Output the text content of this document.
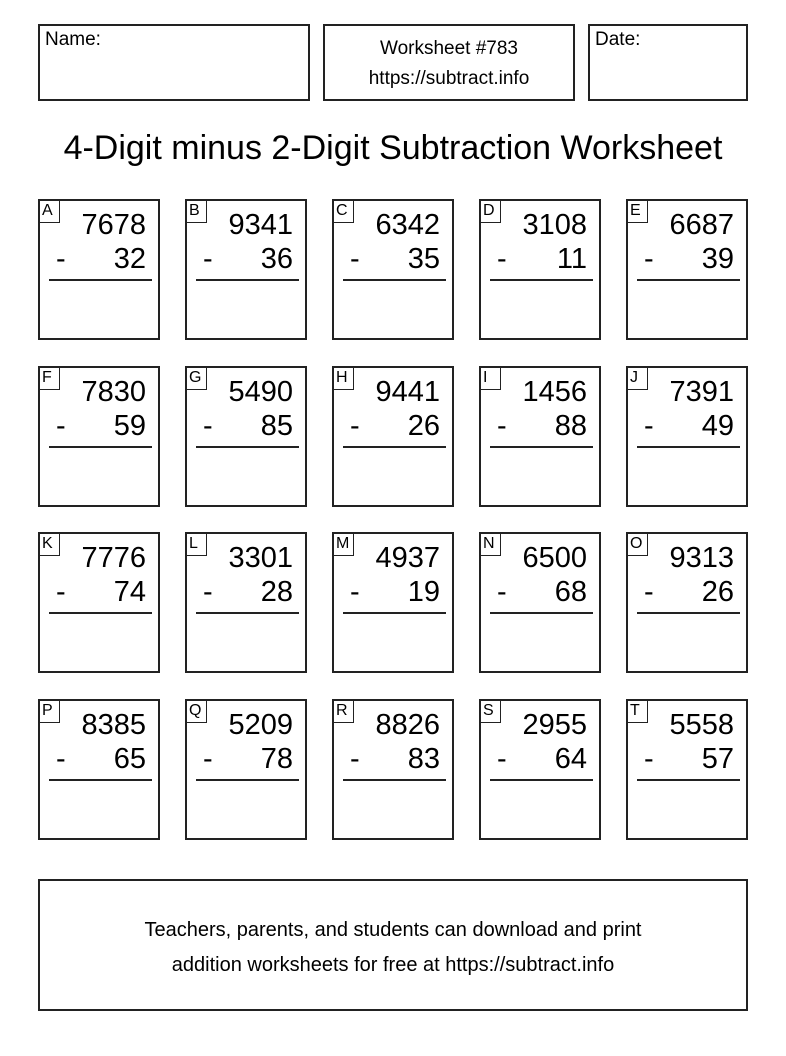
Name:	Worksheet #783
https://subtract.info
Date:
4-Digit minus 2-Digit Subtraction Worksheet
A 7678
- 32
B 9341
- 36
C 6342
- 35
D 3108
- 11
E 6687
- 39
F 7830
- 59
G 5490
- 85
H 9441
- 26
I	1456
- 88
J	7391
- 49
K 7776
- 74
L	3301
- 28
M 4937
- 19
N 6500
- 68
O 9313
- 26
P 8385
- 65
Q 5209
- 78
R 8826
- 83
S 2955
- 64
T 5558
- 57
Teachers, parents, and students can download and print
addition worksheets for free at https://subtract.info
